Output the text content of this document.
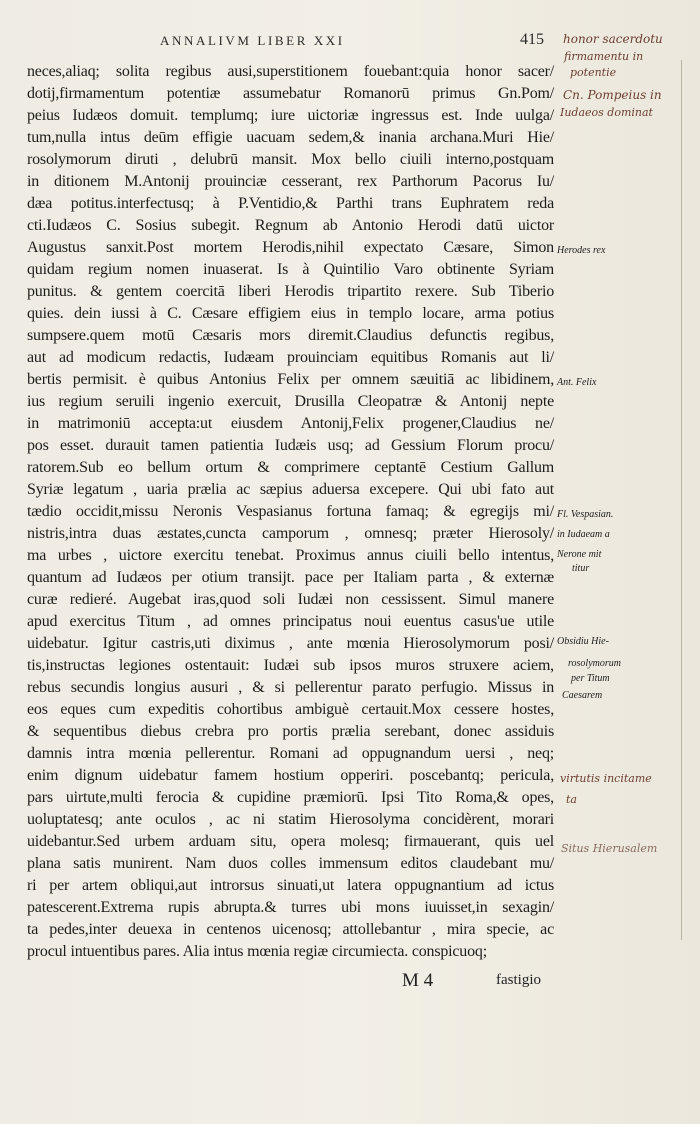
ANNALIVM LIBER XXI	415 honor sacerdotu
firmamentu in
potentie
Cn. Pompeius in
Iudaeos dominat
virtutis incitame
ta
Situs Hierusalem
neces,aliaq; solita regibus ausi,superstitionem fouebant:quia honor sacer/
dotij,firmamentum potentiæ assumebatur Romanorū primus Gn.Pom/
peius Iudæos domuit. templumq; iure uictoriæ ingressus est. Inde uulga/
tum,nulla intus deūm effigie uacuam sedem,& inania archana.Muri Hie/
rosolymorum diruti , delubrū mansit. Mox bello ciuili interno,postquam
in ditionem M.Antonij prouinciæ cesserant, rex Parthorum Pacorus Iu/
dæa potitus.interfectusq; à P.Ventidio,& Parthi trans Euphratem reda
cti.Iudæos C. Sosius subegit. Regnum ab Antonio Herodi datū uictor
Augustus sanxit.Post mortem Herodis,nihil expectato Cæsare, Simon
quidam regium nomen inuaserat. Is à Quintilio Varo obtinente Syriam
punitus. & gentem coercitā liberi Herodis tripartito rexere. Sub Tiberio
quies. dein iussi à C. Cæsare effigiem eius in templo locare, arma potius
sumpsere.quem motū Cæsaris mors diremit.Claudius defunctis regibus,
aut ad modicum redactis, Iudæam prouinciam equitibus Romanis aut li/
bertis permisit. è quibus Antonius Felix per omnem sæuitiā ac libidinem,
ius regium seruili ingenio exercuit, Drusilla Cleopatræ & Antonij nepte
in matrimoniū accepta:ut eiusdem Antonij,Felix progener,Claudius ne/
pos esset. durauit tamen patientia Iudæis usq; ad Gessium Florum procu/
ratorem.Sub eo bellum ortum & comprimere ceptantē Cestium Gallum
Syriæ legatum , uaria prælia ac sæpius aduersa excepere. Qui ubi fato aut
tædio occidit,missu Neronis Vespasianus fortuna famaq; & egregijs mi/
nistris,intra duas æstates,cuncta camporum , omnesq; præter Hierosoly/
ma urbes , uictore exercitu tenebat. Proximus annus ciuili bello intentus,
quantum ad Iudæos per otium transijt. pace per Italiam parta , & externæ
curæ redieré. Augebat iras,quod soli Iudæi non cessissent. Simul manere
apud exercitus Titum , ad omnes principatus noui euentus casus'ue utile
uidebatur. Igitur castris,uti diximus , ante mœnia Hierosolymorum posi/
tis,instructas legiones ostentauit: Iudæi sub ipsos muros struxere aciem,
rebus secundis longius ausuri , & si pellerentur parato perfugio. Missus in
eos eques cum expeditis cohortibus ambiguè certauit.Mox cessere hostes,
& sequentibus diebus crebra pro portis prælia serebant, donec assiduis
damnis intra mœnia pellerentur. Romani ad oppugnandum uersi , neq;
enim dignum uidebatur famem hostium opperiri. poscebantq; pericula,
pars uirtute,multi ferocia & cupidine præmiorū. Ipsi Tito Roma,& opes,
uoluptatesq; ante oculos , ac ni statim Hierosolyma concidèrent, morari
uidebantur.Sed urbem arduam situ, opera molesq; firmauerant, quis uel
plana satis munirent. Nam duos colles immensum editos claudebant mu/
ri per artem obliqui,aut introrsus sinuati,ut latera oppugnantium ad ictus
patescerent.Extrema rupis abrupta.& turres ubi mons iuuisset,in sexagin/
ta pedes,inter deuexa in centenos uicenosq; attollebantur , mira specie, ac
procul intuentibus pares. Alia intus mœnia regiæ circumiecta. conspicuoq;
Herodes rex
Ant. Felix
Fl. Vespasian.
in Iudaeam a
Nerone mit
titur
Obsidiu Hie-
rosolymorum
per Titum
Caesarem
M 4	fastigio
